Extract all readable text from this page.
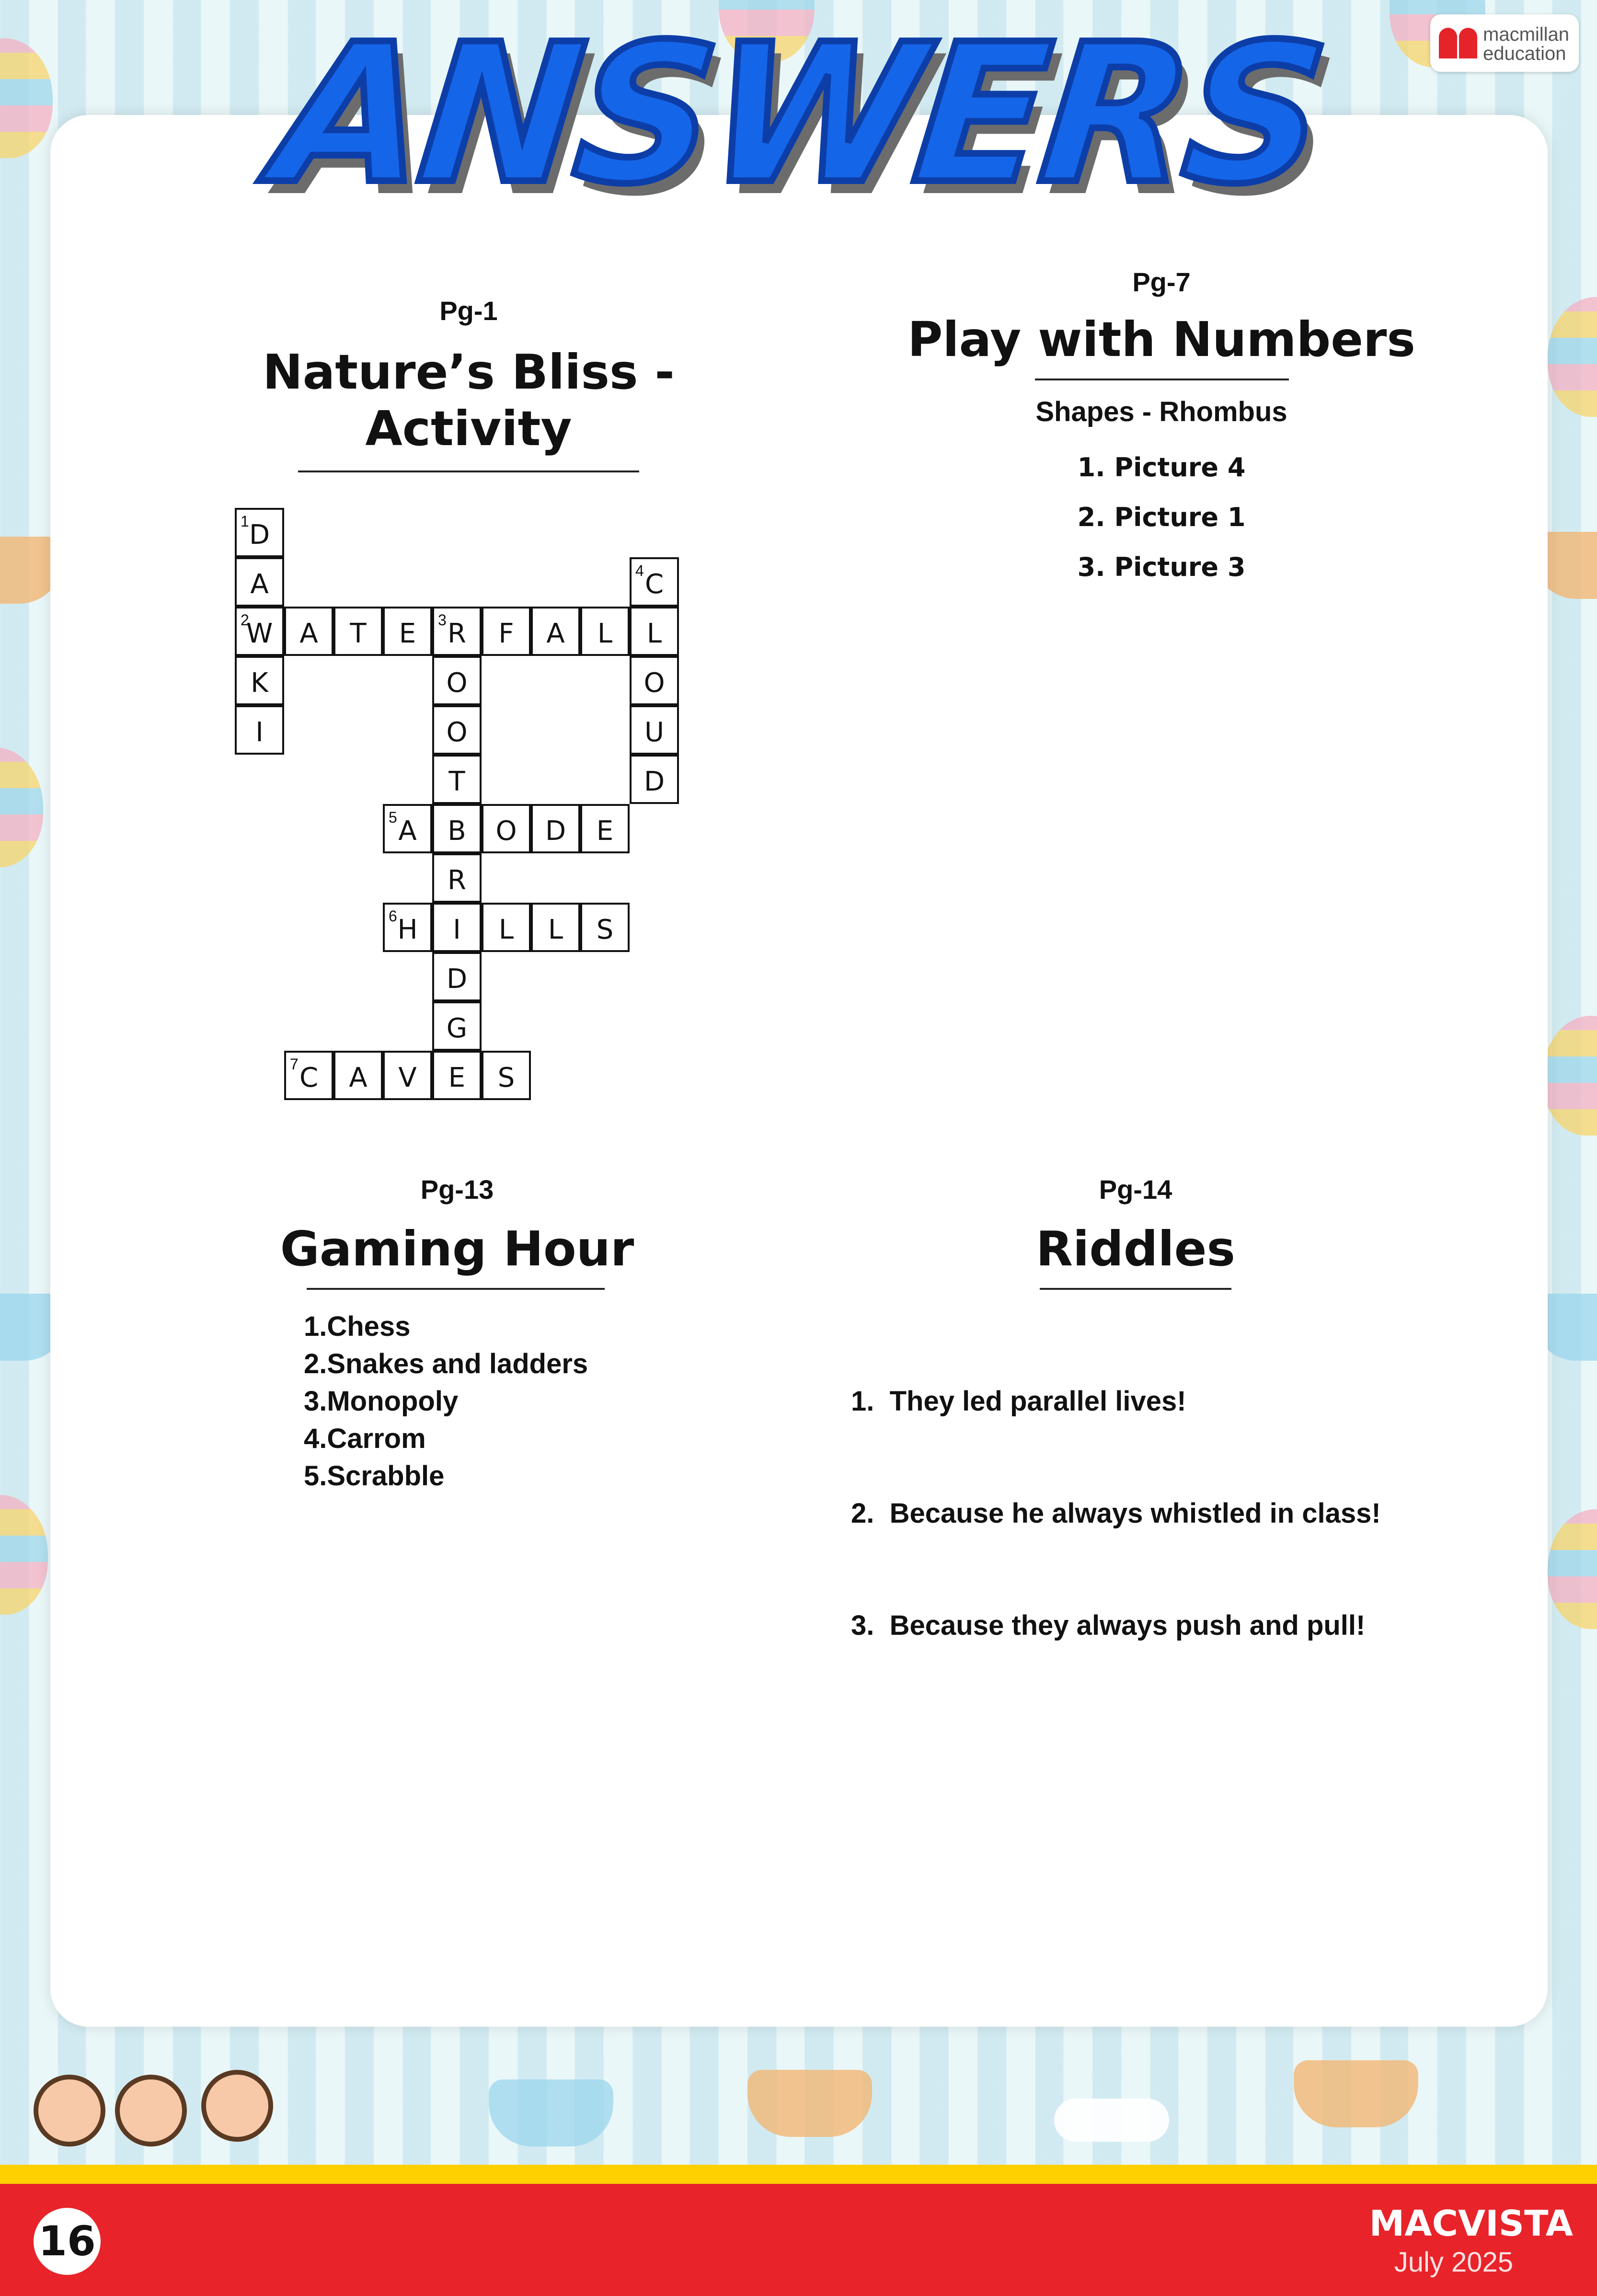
ANSWERS	macmillan
education
Pg-1
Nature’s Bliss -
Activity
1 D
A
2
W
K
I
A	T	E	3 R	F	A	L	L
4 C
O
U
D
O
O
T
5 A	B	O	D	E
R
6 H	I	L	L	S
D
G
7 C	A	V	E	S
Pg-7
Play with Numbers
Shapes - Rhombus
1. Picture 4
2. Picture 1
3. Picture 3
Pg-13
Gaming Hour
1.Chess
2.Snakes and ladders
3.Monopoly
4.Carrom
5.Scrabble
Pg-14
Riddles

1.  They led parallel lives!

2.  Because he always whistled in class!

3.  Because they always push and pull!

16	MACVISTA
July 2025
